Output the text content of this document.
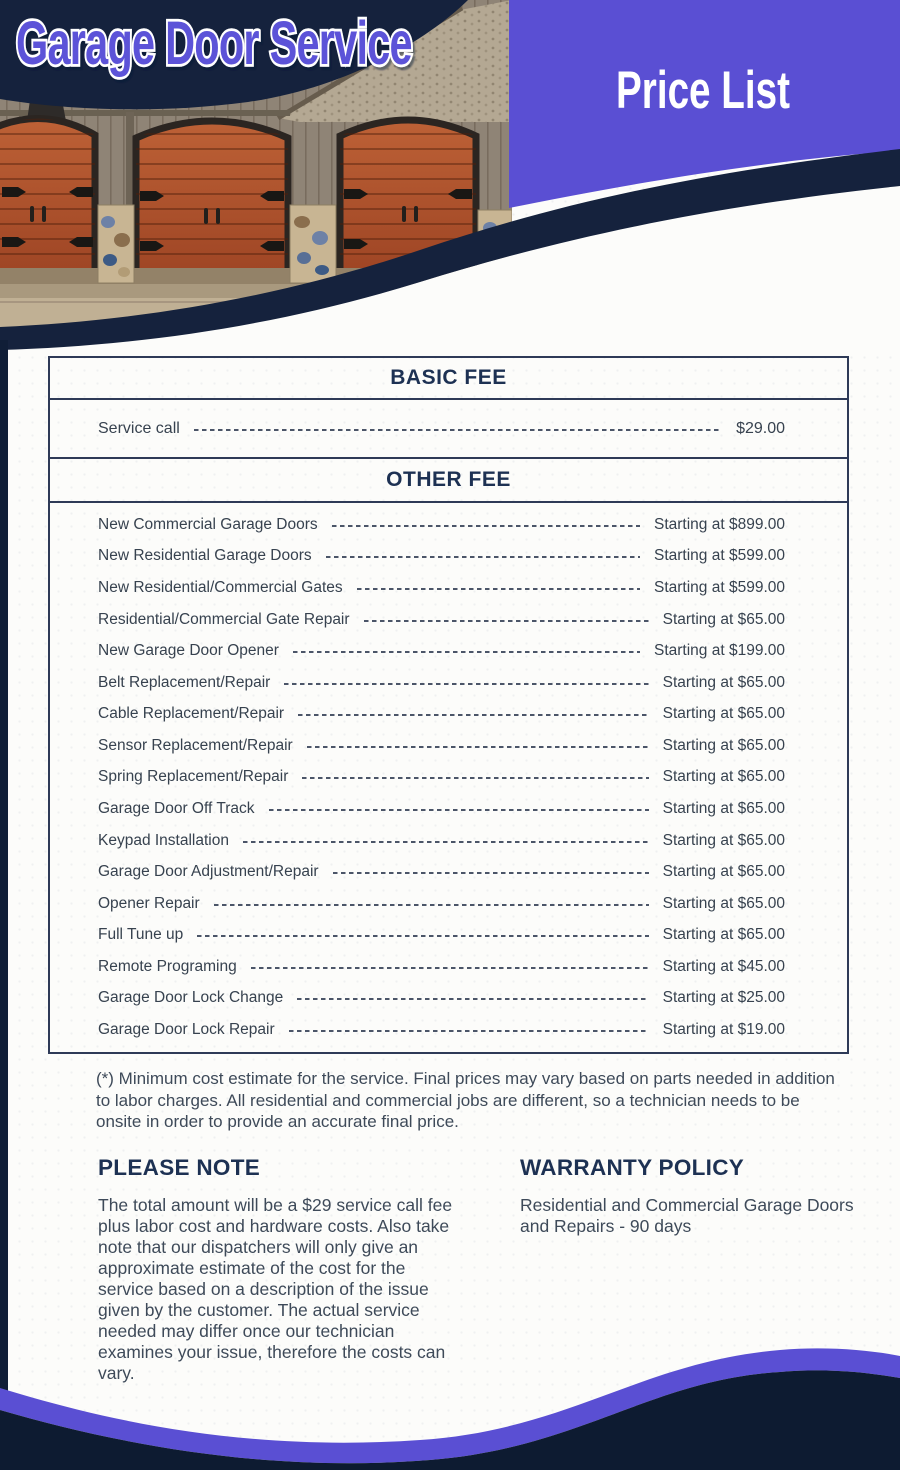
Garage Door Service
Price List
BASIC FEE
Service call	$29.00
OTHER FEE
New Commercial Garage Doors	Starting at $899.00
New Residential Garage Doors	Starting at $599.00
New Residential/Commercial Gates	Starting at $599.00
Residential/Commercial Gate Repair	Starting at $65.00
New Garage Door Opener	Starting at $199.00
Belt Replacement/Repair	Starting at $65.00
Cable Replacement/Repair	Starting at $65.00
Sensor Replacement/Repair	Starting at $65.00
Spring Replacement/Repair	Starting at $65.00
Garage Door Off Track	Starting at $65.00
Keypad Installation	Starting at $65.00
Garage Door Adjustment/Repair	Starting at $65.00
Opener Repair	Starting at $65.00
Full Tune up	Starting at $65.00
Remote Programing	Starting at $45.00
Garage Door Lock Change	Starting at $25.00
Garage Door Lock Repair	Starting at $19.00
(*) Minimum cost estimate for the service. Final prices may vary based on parts needed in addition to labor charges. All residential and commercial jobs are different, so a technician needs to be onsite in order to provide an accurate final price.
PLEASE NOTE

The total amount will be a $29 service call fee plus labor cost and hardware costs. Also take note that our dispatchers will only give an approximate estimate of the cost for the service based on a description of the issue given by the customer. The actual service needed may differ once our technician examines your issue, therefore the costs can vary.

WARRANTY POLICY

Residential and Commercial Garage Doors and Repairs - 90 days
